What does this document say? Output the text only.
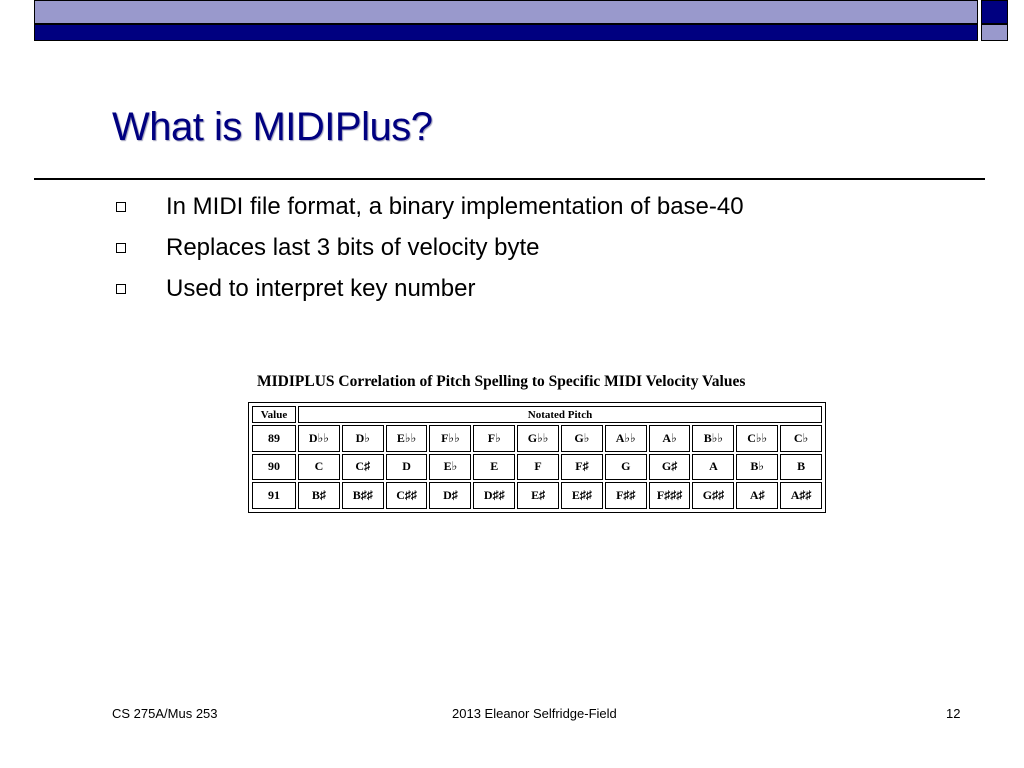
What is MIDIPlus?
In MIDI file format, a binary implementation of base-40
Replaces last 3 bits of velocity byte
Used to interpret key number
MIDIPLUS Correlation of Pitch Spelling to Specific MIDI Velocity Values
Value	Notated Pitch
89	D♭♭	D♭	E♭♭	F♭♭	F♭	G♭♭	G♭	A♭♭	A♭	B♭♭	C♭♭	C♭
90	C	C♯	D	E♭	E	F	F♯	G	G♯	A	B♭	B
91	B♯	B♯♯	C♯♯	D♯	D♯♯	E♯	E♯♯	F♯♯	F♯♯♯	G♯♯	A♯	A♯♯
CS 275A/Mus 253	2013 Eleanor Selfridge-Field	12
